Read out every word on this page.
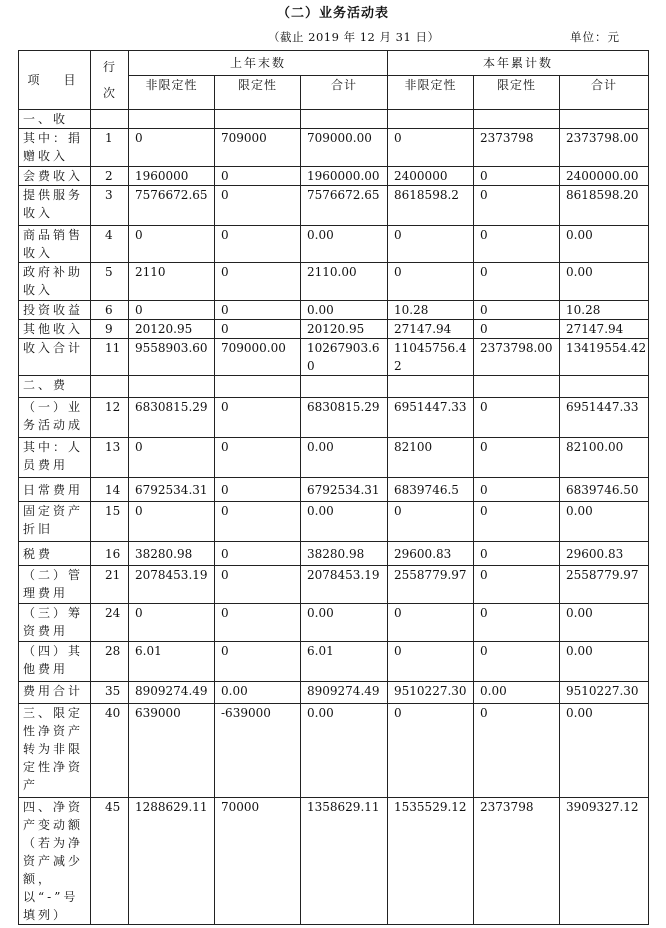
（二）业务活动表
（截止 2019 年 12 月 31 日）	单位：元
项　目	行次	上年末数			本年累计数		
		非限定性	限定性	合计	非限定性	限定性	合计
一、收							
其中：捐赠收入	1	0	709000	709000.00	0	2373798	2373798.00
会费收入	2	1960000	0	1960000.00	2400000	0	2400000.00
提供服务收入	3	7576672.65	0	7576672.65	8618598.2	0	8618598.20
商品销售收入	4	0	0	0.00	0	0	0.00
政府补助收入	5	2110	0	2110.00	0	0	0.00
投资收益	6	0	0	0.00	10.28	0	10.28
其他收入	9	20120.95	0	20120.95	27147.94	0	27147.94
收入合计	11	9558903.60	709000.00	10267903.60	11045756.42	2373798.00	13419554.42
二、费							
（一）业务活动成	12	6830815.29	0	6830815.29	6951447.33	0	6951447.33
其中：人员费用	13	0	0	0.00	82100	0	82100.00
日常费用	14	6792534.31	0	6792534.31	6839746.5	0	6839746.50
固定资产折旧	15	0	0	0.00	0	0	0.00
税费	16	38280.98	0	38280.98	29600.83	0	29600.83
（二）管理费用	21	2078453.19	0	2078453.19	2558779.97	0	2558779.97
（三）筹资费用	24	0	0	0.00	0	0	0.00
（四）其他费用	28	6.01	0	6.01	0	0	0.00
费用合计	35	8909274.49	0.00	8909274.49	9510227.30	0.00	9510227.30
三、限定性净资产转为非限定性净资产	40	639000	-639000	0.00	0	0	0.00
四、净资产变动额（若为净资产减少额，以“-”号填列）	45	1288629.11	70000	1358629.11	1535529.12	2373798	3909327.12
